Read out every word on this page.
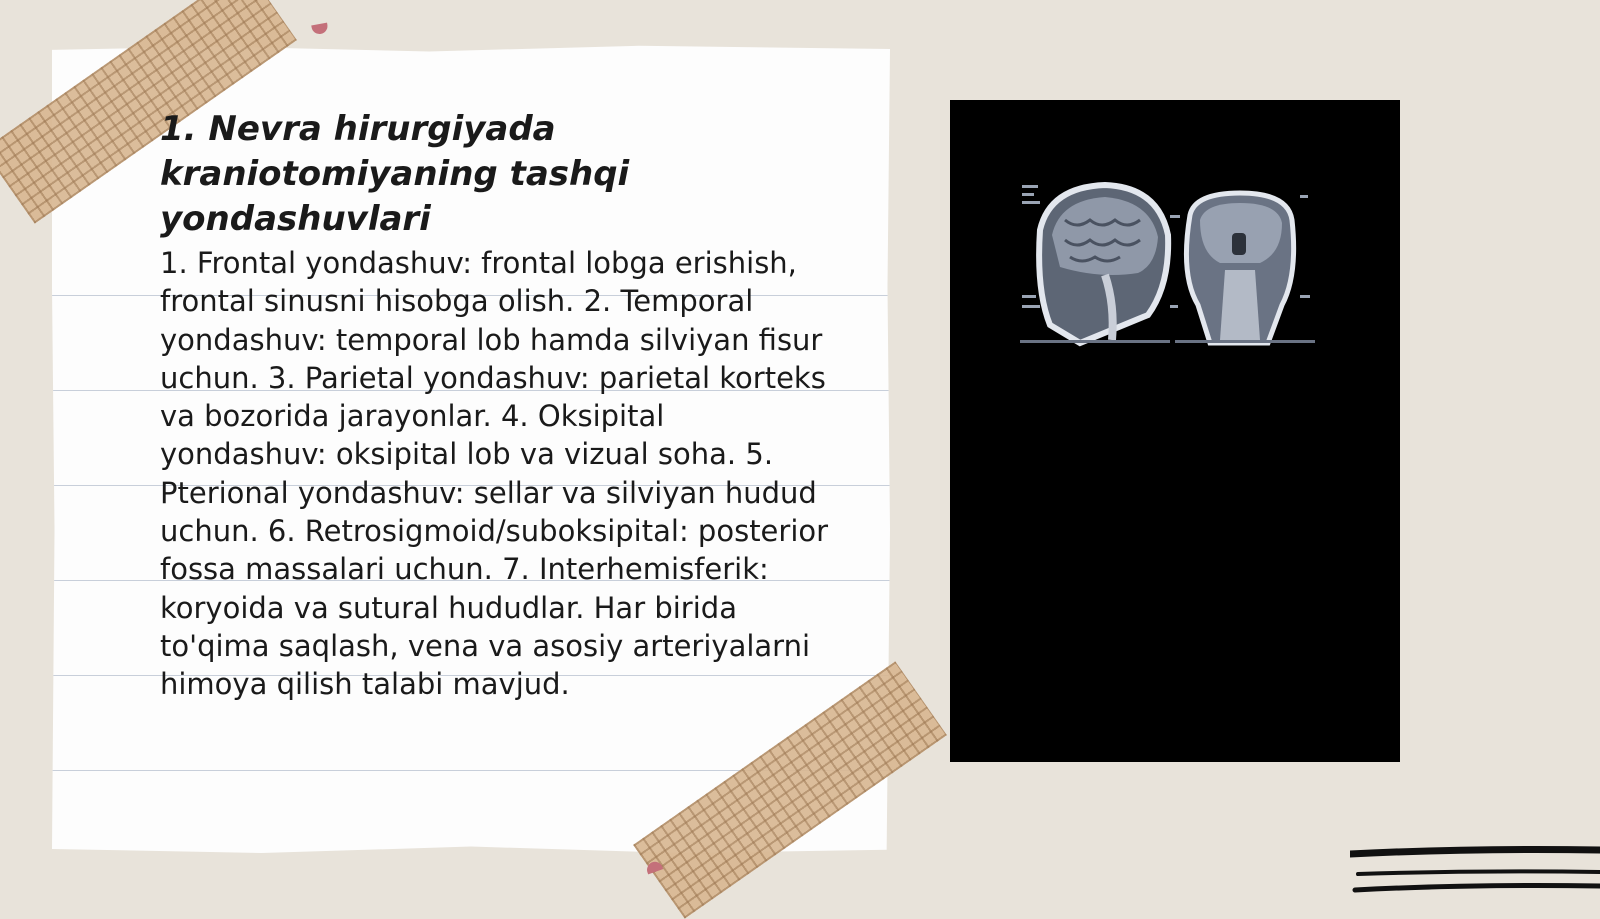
1. Nevra hirurgiyada kraniotomiyaning tashqi yondashuvlari

1. Frontal yondashuv: frontal lobga erishish, frontal sinusni hisobga olish. 2. Temporal yondashuv: temporal lob hamda silviyan fisur uchun. 3. Parietal yondashuv: parietal korteks va bozorida jarayonlar. 4. Oksipital yondashuv: oksipital lob va vizual soha. 5. Pterional yondashuv: sellar va silviyan hudud uchun. 6. Retrosigmoid/suboksipital: posterior fossa massalari uchun. 7. Interhemisferik: koryoida va sutural hududlar. Har birida to'qima saqlash, vena va asosiy arteriyalarni himoya qilish talabi mavjud.
